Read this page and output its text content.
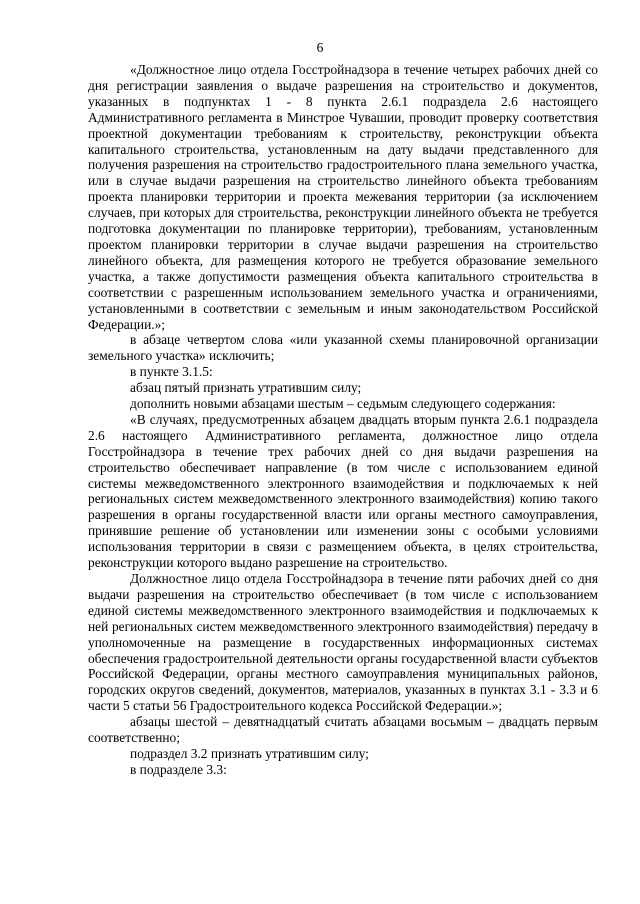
6

«Должностное лицо отдела Госстройнадзора в течение четырех рабочих дней со дня регистрации заявления о выдаче разрешения на строительство и документов, указанных в подпунктах 1 - 8 пункта 2.6.1 подраздела 2.6 настоящего Административного регламента в Минстрое Чувашии, проводит проверку соответствия проектной документации требованиям к строительству, реконструкции объекта капитального строительства, установленным на дату выдачи представленного для получения разрешения на строительство градостроительного плана земельного участка, или в случае выдачи разрешения на строительство линейного объекта требованиям проекта планировки территории и проекта межевания территории (за исключением случаев, при которых для строительства, реконструкции линейного объекта не требуется подготовка документации по планировке территории), требованиям, установленным проектом планировки территории в случае выдачи разрешения на строительство линейного объекта, для размещения которого не требуется образование земельного участка, а также допустимости размещения объекта капитального строительства в соответствии с разрешенным использованием земельного участка и ограничениями, установленными в соответствии с земельным и иным законодательством Российской Федерации.»;

в абзаце четвертом слова «или указанной схемы планировочной организации земельного участка» исключить;

в пункте 3.1.5:

абзац пятый признать утратившим силу;

дополнить новыми абзацами шестым – седьмым следующего содержания:

«В случаях, предусмотренных абзацем двадцать вторым пункта 2.6.1 подраздела 2.6 настоящего Административного регламента, должностное лицо отдела Госстройнадзора в течение трех рабочих дней со дня выдачи разрешения на строительство обеспечивает направление (в том числе с использованием единой системы межведомственного электронного взаимодействия и подключаемых к ней региональных систем межведомственного электронного взаимодействия) копию такого разрешения в органы государственной власти или органы местного самоуправления, принявшие решение об установлении или изменении зоны с особыми условиями использования территории в связи с размещением объекта, в целях строительства, реконструкции которого выдано разрешение на строительство.

Должностное лицо отдела Госстройнадзора в течение пяти рабочих дней со дня выдачи разрешения на строительство обеспечивает (в том числе с использованием единой системы межведомственного электронного взаимодействия и подключаемых к ней региональных систем межведомственного электронного взаимодействия) передачу в уполномоченные на размещение в государственных информационных системах обеспечения градостроительной деятельности органы государственной власти субъектов Российской Федерации, органы местного самоуправления муниципальных районов, городских округов сведений, документов, материалов, указанных в пунктах 3.1 - 3.3 и 6 части 5 статьи 56 Градостроительного кодекса Российской Федерации.»;

абзацы шестой – девятнадцатый считать абзацами восьмым – двадцать первым соответственно;

подраздел 3.2 признать утратившим силу;

в подразделе 3.3:
